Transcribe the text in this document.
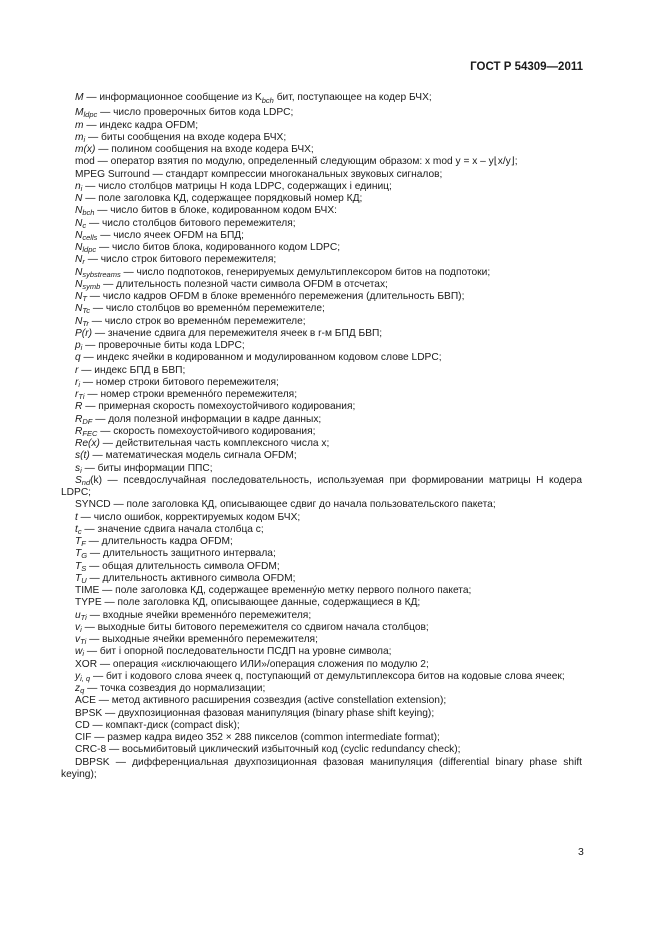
ГОСТ Р 54309—2011
M — информационное сообщение из $K_{bch}$ бит, поступающее на кодер БЧХ;
$M_{ldpc}$ — число проверочных битов кода LDPC;
m — индекс кадра OFDM;
$m_i$ — биты сообщения на входе кодера БЧХ;
m(x) — полином сообщения на входе кодера БЧХ;
mod — оператор взятия по модулю, определенный следующим образом: x mod y = x – y⌊x/y⌋;
MPEG Surround — стандарт компрессии многоканальных звуковых сигналов;
$n_i$ — число столбцов матрицы H кода LDPC, содержащих i единиц;
N — поле заголовка КД, содержащее порядковый номер КД;
$N_{bch}$ — число битов в блоке, кодированном кодом БЧХ:
$N_c$ — число столбцов битового перемежителя;
$N_{cells}$ — число ячеек OFDM на БПД;
$N_{ldpc}$ — число битов блока, кодированного кодом LDPC;
$N_r$ — число строк битового перемежителя;
$N_{sybstreams}$ — число подпотоков, генерируемых демультиплексором битов на подпотоки;
$N_{symb}$ — длительность полезной части символа OFDM в отсчетах;
$N_T$ — число кадров OFDM в блоке временно́го перемежения (длительность БВП);
$N_{Tc}$ — число столбцов во временно́м перемежителе;
$N_{Tr}$ — число строк во временно́м перемежителе;
P(r) — значение сдвига для перемежителя ячеек в r-м БПД БВП;
$p_i$ — проверочные биты кода LDPC;
q — индекс ячейки в кодированном и модулированном кодовом слове LDPC;
r — индекс БПД в БВП;
$r_i$ — номер строки битового перемежителя;
$r_{Ti}$ — номер строки временно́го перемежителя;
R — примерная скорость помехоустойчивого кодирования;
$R_{DF}$ — доля полезной информации в кадре данных;
$R_{FEC}$ — скорость помехоустойчивого кодирования;
Re(x) — действительная часть комплексного числа x;
s(t) — математическая модель сигнала OFDM;
$s_i$ — биты информации ППС;
$S_{nd}(k)$ — псевдослучайная последовательность, используемая при формировании матрицы H кодера LDPC;
SYNCD — поле заголовка КД, описывающее сдвиг до начала пользовательского пакета;
t — число ошибок, корректируемых кодом БЧХ;
$t_c$ — значение сдвига начала столбца c;
$T_F$ — длительность кадра OFDM;
$T_G$ — длительность защитного интервала;
$T_S$ — общая длительность символа OFDM;
$T_U$ — длительность активного символа OFDM;
TIME — поле заголовка КД, содержащее временну́ю метку первого полного пакета;
TYPE — поле заголовка КД, описывающее данные, содержащиеся в КД;
$u_{Ti}$ — входные ячейки временно́го перемежителя;
$v_i$ — выходные биты битового перемежителя со сдвигом начала столбцов;
$v_{Ti}$ — выходные ячейки временно́го перемежителя;
$w_i$ — бит i опорной последовательности ПСДП на уровне символа;
XOR — операция «исключающего ИЛИ»/операция сложения по модулю 2;
$y_{i, q}$ — бит i кодового слова ячеек q, поступающий от демультиплексора битов на кодовые слова ячеек;
$z_q$ — точка созвездия до нормализации;
ACE — метод активного расширения созвездия (active constellation extension);
BPSK — двухпозиционная фазовая манипуляция (binary phase shift keying);
CD — компакт-диск (compact disk);
CIF — размер кадра видео 352 × 288 пикселов (common intermediate format);
CRC-8 — восьмибитовый циклический избыточный код (cyclic redundancy check);
DBPSK — дифференциальная двухпозиционная фазовая манипуляция (differential binary phase shift keying);
3
